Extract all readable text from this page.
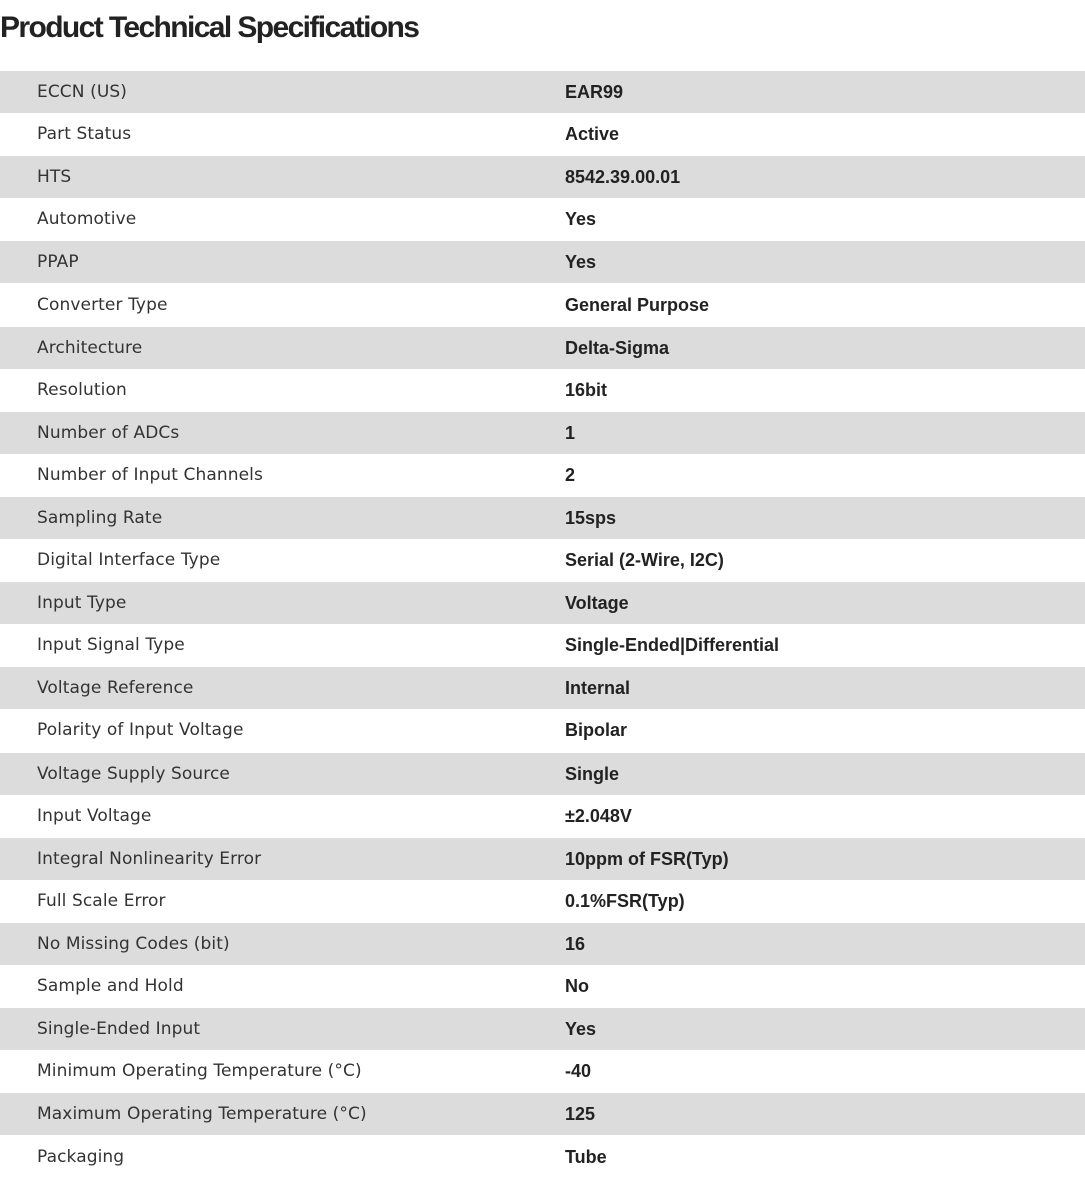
Product Technical Specifications
ECCN (US)	EAR99
Part Status	Active
HTS	8542.39.00.01
Automotive	Yes
PPAP	Yes
Converter Type	General Purpose
Architecture	Delta-Sigma
Resolution	16bit
Number of ADCs	1
Number of Input Channels	2
Sampling Rate	15sps
Digital Interface Type	Serial (2-Wire, I2C)
Input Type	Voltage
Input Signal Type	Single-Ended|Differential
Voltage Reference	Internal
Polarity of Input Voltage	Bipolar
Voltage Supply Source	Single
Input Voltage	±2.048V
Integral Nonlinearity Error	10ppm of FSR(Typ)
Full Scale Error	0.1%FSR(Typ)
No Missing Codes (bit)	16
Sample and Hold	No
Single-Ended Input	Yes
Minimum Operating Temperature (°C)	-40
Maximum Operating Temperature (°C)	125
Packaging	Tube
